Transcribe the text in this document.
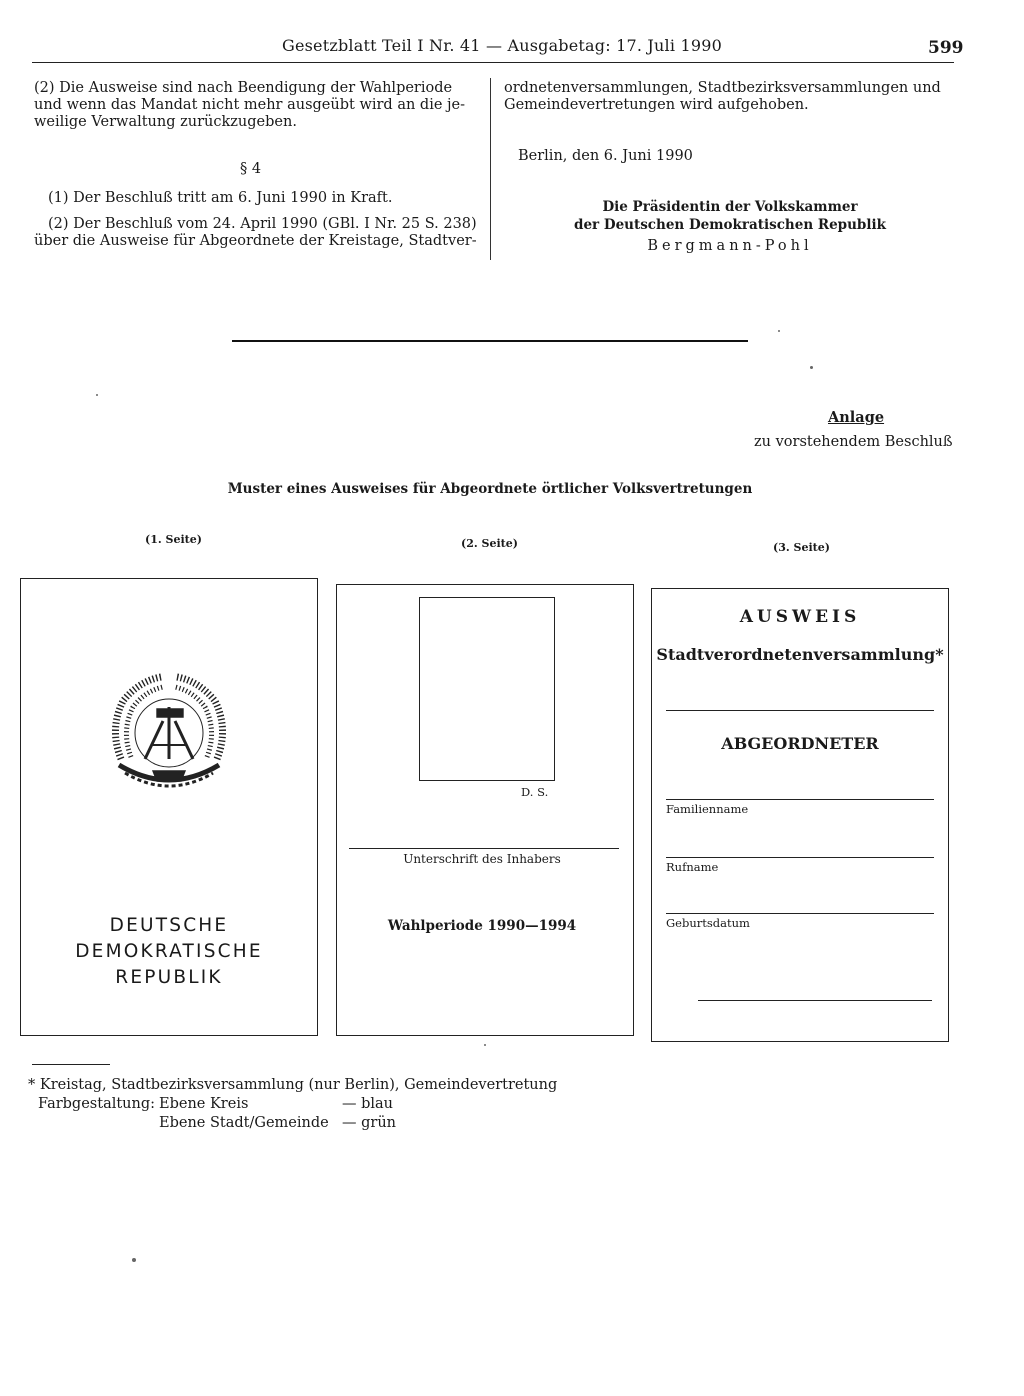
Gesetzblatt Teil I Nr. 41 — Ausgabetag: 17. Juli 1990	599
(2) Die Ausweise sind nach Beendigung der Wahlperiode
und wenn das Mandat nicht mehr ausgeübt wird an die je-
weilige Verwaltung zurückzugeben.
§ 4
(1) Der Beschluß tritt am 6. Juni 1990 in Kraft.
(2) Der Beschluß vom 24. April 1990 (GBl. I Nr. 25 S. 238)
über die Ausweise für Abgeordnete der Kreistage, Stadtver-
ordnetenversammlungen, Stadtbezirksversammlungen und
Gemeindevertretungen wird aufgehoben.
Berlin, den 6. Juni 1990
Die Präsidentin der Volkskammer
der Deutschen Demokratischen Republik
Bergmann-Pohl
Anlage
zu vorstehendem Beschluß
Muster eines Ausweises für Abgeordnete örtlicher Volksvertretungen
(1. Seite)	(2. Seite)	(3. Seite)
DEUTSCHE
DEMOKRATISCHE REPUBLIK
D. S.
Unterschrift des Inhabers
Wahlperiode 1990—1994
AUSWEIS
Stadtverordnetenversammlung*
ABGEORDNETER
Familienname
Rufname
Geburtsdatum
* Kreistag, Stadtbezirksversammlung (nur Berlin), Gemeindevertretung
Farbgestaltung: Ebene Kreis	— blau
Ebene Stadt/Gemeinde — grün
